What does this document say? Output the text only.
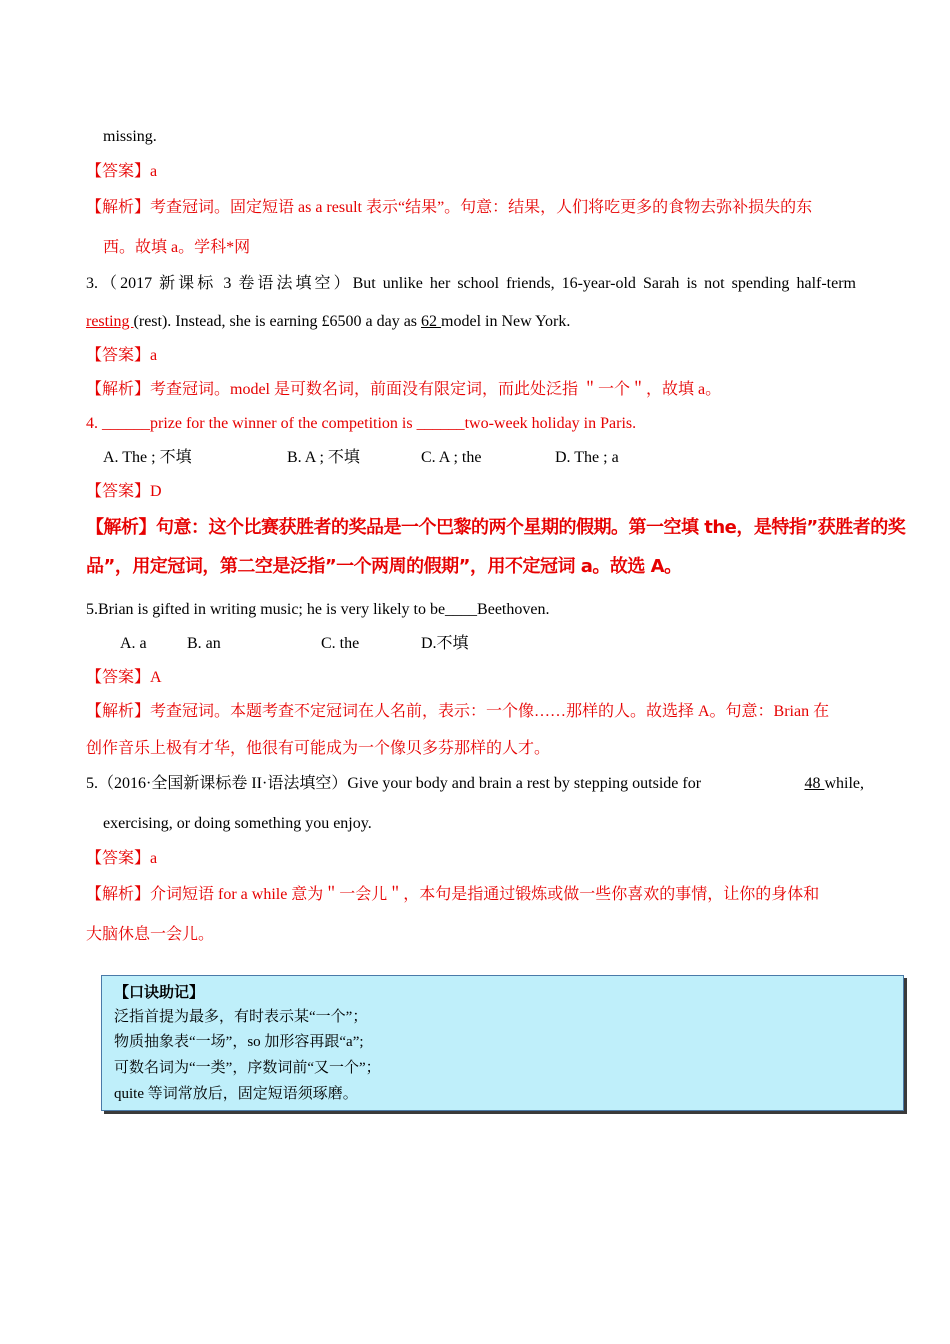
missing.
【答案】a
【解析】考查冠词。固定短语 as a result 表示“结果”。句意：结果，人们将吃更多的食物去弥补损失的东
西。故填 a。学科*网
3.（2017 新课标 3 卷语法填空）But unlike her school friends, 16-year-old Sarah is not spending half-term
resting (rest). Instead, she is earning £6500 a day as 62 model in New York.
【答案】a
【解析】考查冠词。model 是可数名词，前面没有限定词，而此处泛指 ＂一个＂，故填 a。
4. ______prize for the winner of the competition is ______two-week holiday in Paris.
A. The ; 不填	B. A ; 不填	C. A ; the	D. The ; a
【答案】D
【解析】句意：这个比赛获胜者的奖品是一个巴黎的两个星期的假期。第一空填 the，是特指”获胜者的奖
品”，用定冠词，第二空是泛指”一个两周的假期”，用不定冠词 a。故选 A。
5.Brian is gifted in writing music; he is very likely to be____Beethoven.
A. a	B. an	C. the	D.不填
【答案】A
【解析】考查冠词。本题考查不定冠词在人名前，表示：一个像……那样的人。故选择 A。句意：Brian 在
创作音乐上极有才华，他很有可能成为一个像贝多芬那样的人才。
5.（2016·全国新课标卷 II·语法填空）Give your body and brain a rest by stepping outside for	48 while,
exercising, or doing something you enjoy.
【答案】a
【解析】介词短语 for a while 意为＂一会儿＂，本句是指通过锻炼或做一些你喜欢的事情，让你的身体和
大脑休息一会儿。
【口诀助记】
泛指首提为最多，有时表示某“一个”；
物质抽象表“一场”，so 加形容再跟“a”;
可数名词为“一类”，序数词前“又一个”；
quite 等词常放后，固定短语须琢磨。
